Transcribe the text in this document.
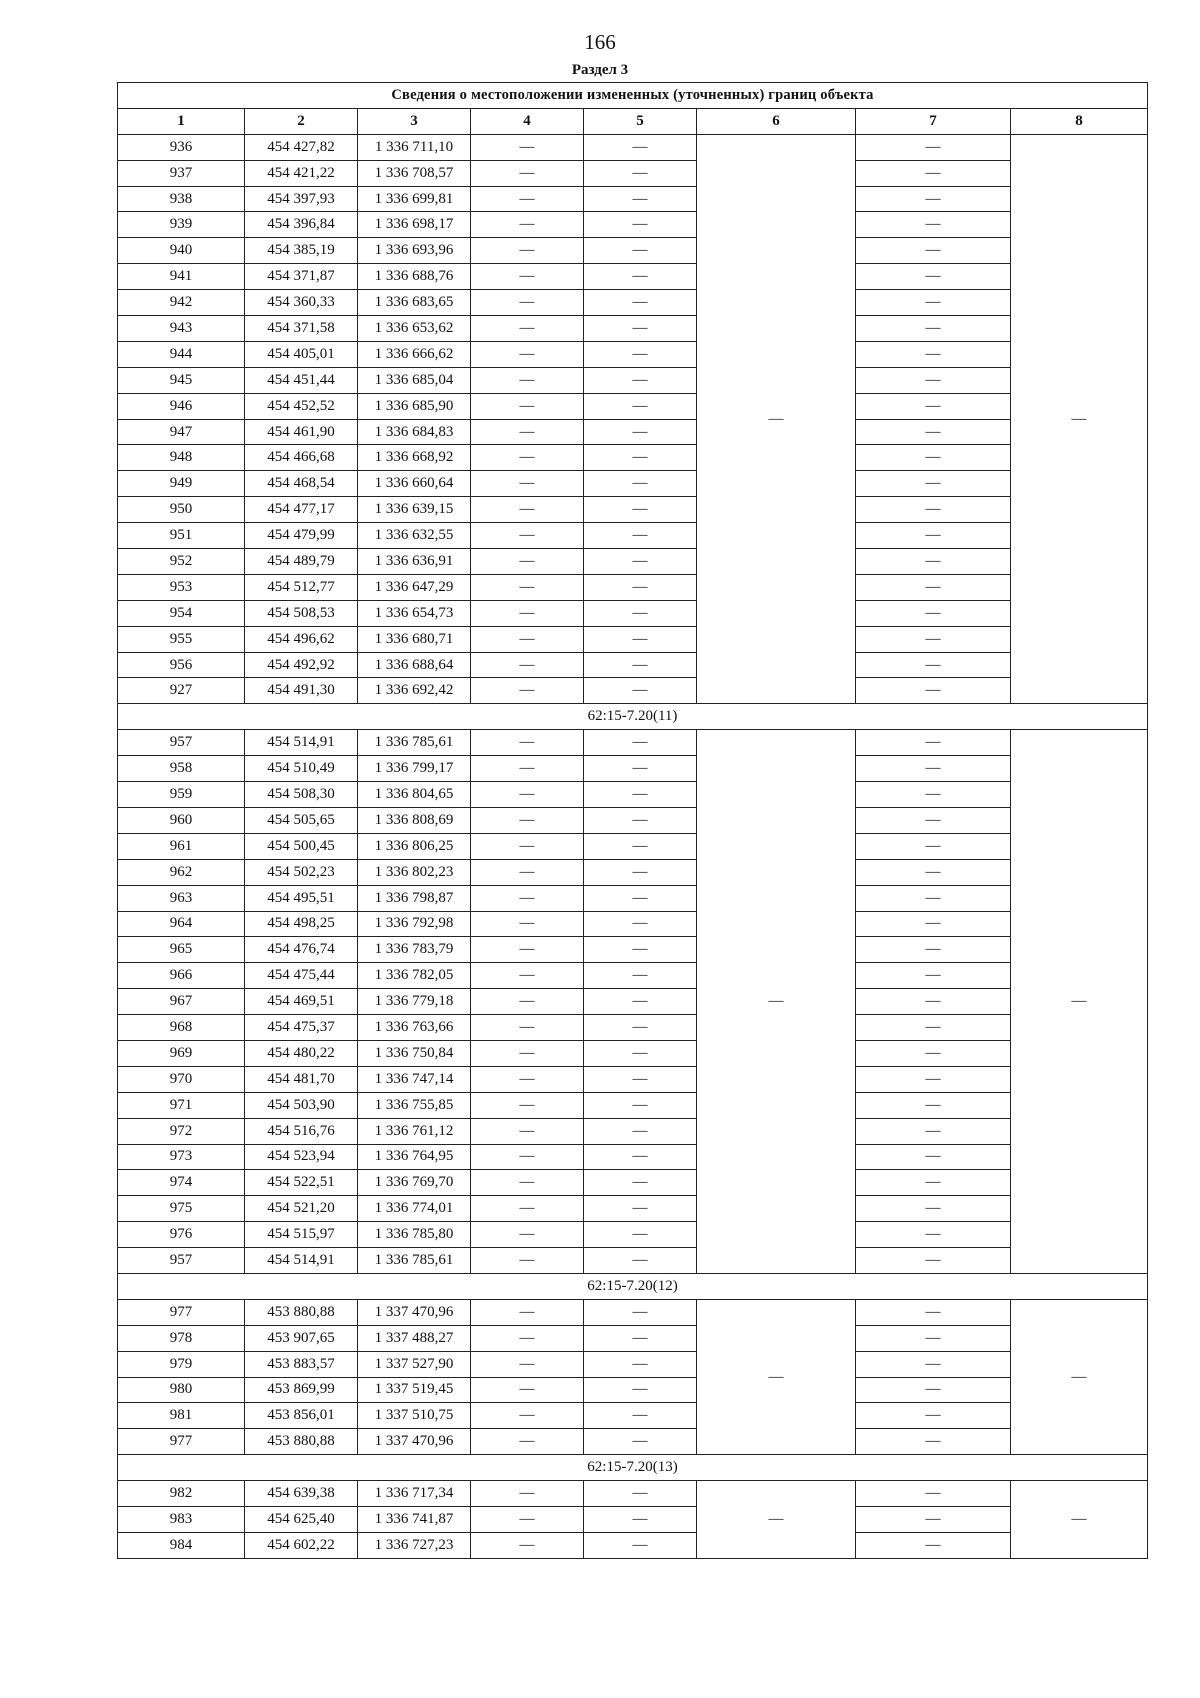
166
Раздел 3
Сведения о местоположении измененных (уточненных) границ объекта							
1	2	3	4	5	6	7	8
936	454 427,82	1 336 711,10	—	—	—	—	—
937	454 421,22	1 336 708,57	—	—		—	
938	454 397,93	1 336 699,81	—	—		—	
939	454 396,84	1 336 698,17	—	—		—	
940	454 385,19	1 336 693,96	—	—		—	
941	454 371,87	1 336 688,76	—	—		—	
942	454 360,33	1 336 683,65	—	—		—	
943	454 371,58	1 336 653,62	—	—		—	
944	454 405,01	1 336 666,62	—	—		—	
945	454 451,44	1 336 685,04	—	—		—	
946	454 452,52	1 336 685,90	—	—		—	
947	454 461,90	1 336 684,83	—	—		—	
948	454 466,68	1 336 668,92	—	—		—	
949	454 468,54	1 336 660,64	—	—		—	
950	454 477,17	1 336 639,15	—	—		—	
951	454 479,99	1 336 632,55	—	—		—	
952	454 489,79	1 336 636,91	—	—		—	
953	454 512,77	1 336 647,29	—	—		—	
954	454 508,53	1 336 654,73	—	—		—	
955	454 496,62	1 336 680,71	—	—		—	
956	454 492,92	1 336 688,64	—	—		—	
927	454 491,30	1 336 692,42	—	—		—	
62:15-7.20(11)							
957	454 514,91	1 336 785,61	—	—	—	—	—
958	454 510,49	1 336 799,17	—	—		—	
959	454 508,30	1 336 804,65	—	—		—	
960	454 505,65	1 336 808,69	—	—		—	
961	454 500,45	1 336 806,25	—	—		—	
962	454 502,23	1 336 802,23	—	—		—	
963	454 495,51	1 336 798,87	—	—		—	
964	454 498,25	1 336 792,98	—	—		—	
965	454 476,74	1 336 783,79	—	—		—	
966	454 475,44	1 336 782,05	—	—		—	
967	454 469,51	1 336 779,18	—	—		—	
968	454 475,37	1 336 763,66	—	—		—	
969	454 480,22	1 336 750,84	—	—		—	
970	454 481,70	1 336 747,14	—	—		—	
971	454 503,90	1 336 755,85	—	—		—	
972	454 516,76	1 336 761,12	—	—		—	
973	454 523,94	1 336 764,95	—	—		—	
974	454 522,51	1 336 769,70	—	—		—	
975	454 521,20	1 336 774,01	—	—		—	
976	454 515,97	1 336 785,80	—	—		—	
957	454 514,91	1 336 785,61	—	—		—	
62:15-7.20(12)							
977	453 880,88	1 337 470,96	—	—	—	—	—
978	453 907,65	1 337 488,27	—	—		—	
979	453 883,57	1 337 527,90	—	—		—	
980	453 869,99	1 337 519,45	—	—		—	
981	453 856,01	1 337 510,75	—	—		—	
977	453 880,88	1 337 470,96	—	—		—	
62:15-7.20(13)							
982	454 639,38	1 336 717,34	—	—	—	—	—
983	454 625,40	1 336 741,87	—	—		—	
984	454 602,22	1 336 727,23	—	—		—	
